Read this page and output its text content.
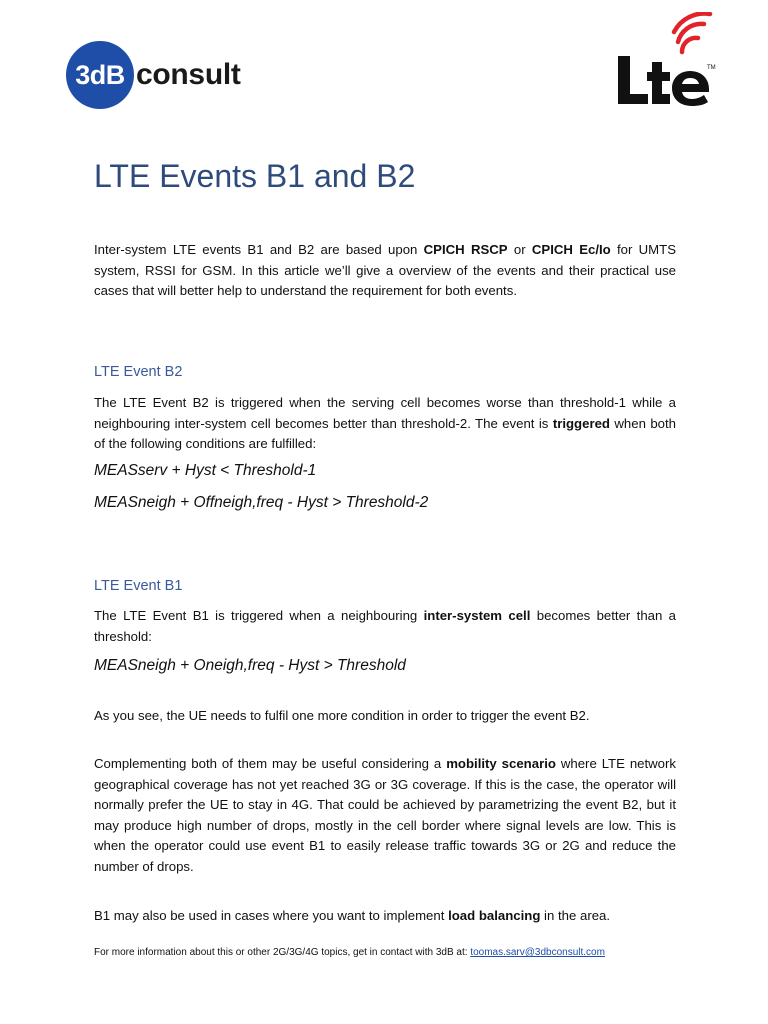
3dB consult	TM
LTE Events B1 and B2
Inter-system LTE events B1 and B2 are based upon CPICH RSCP or CPICH Ec/Io for UMTS system, RSSI for GSM. In this article we’ll give a overview of the events and their practical use cases that will better help to understand the requirement for both events.
LTE Event B2
The LTE Event B2 is triggered when the serving cell becomes worse than threshold-1 while a neighbouring inter-system cell becomes better than threshold-2. The event is triggered when both of the following conditions are fulfilled:
MEASserv + Hyst < Threshold-1
MEASneigh + Offneigh,freq - Hyst > Threshold-2
LTE Event B1
The LTE Event B1 is triggered when a neighbouring inter-system cell becomes better than a threshold:
MEASneigh + Oneigh,freq - Hyst > Threshold
As you see, the UE needs to fulfil one more condition in order to trigger the event B2.
Complementing both of them may be useful considering a mobility scenario where LTE network geographical coverage has not yet reached 3G or 3G coverage. If this is the case, the operator will normally prefer the UE to stay in 4G. That could be achieved by parametrizing the event B2, but it may produce high number of drops, mostly in the cell border where signal levels are low. This is when the operator could use event B1 to easily release traffic towards 3G or 2G and reduce the number of drops.
B1 may also be used in cases where you want to implement load balancing in the area.
For more information about this or other 2G/3G/4G topics, get in contact with 3dB at: toomas.sarv@3dbconsult.com
